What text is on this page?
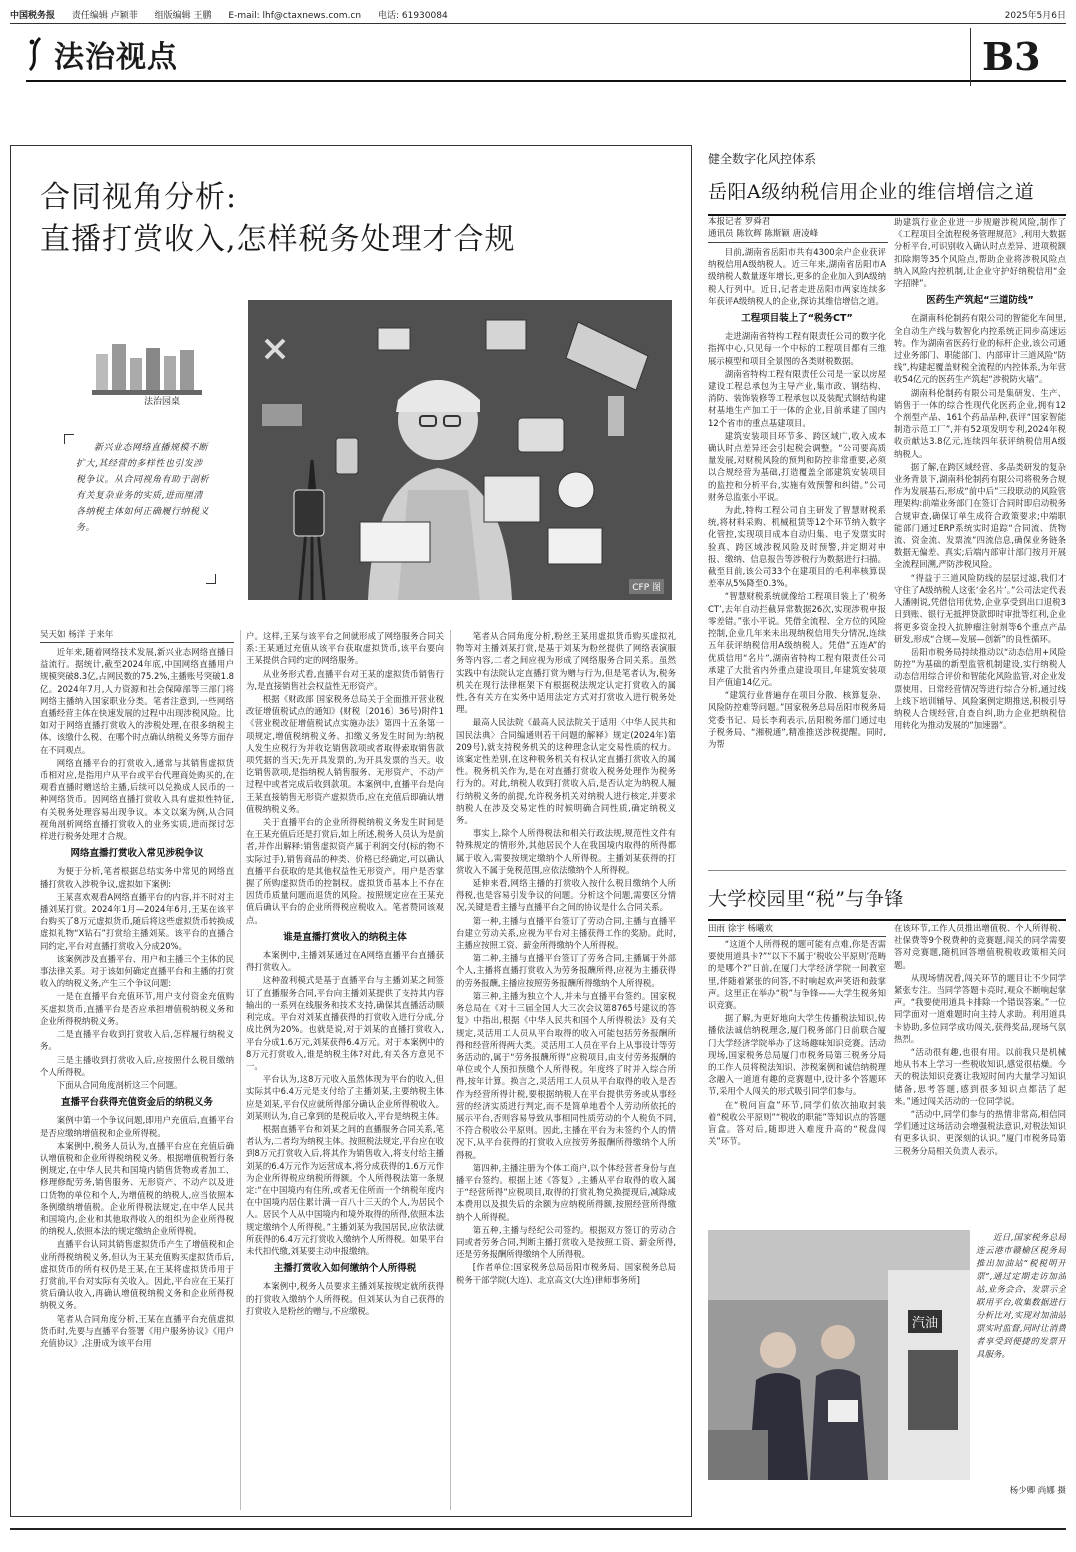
中国税务报 责任编辑 卢颖菲 组版编辑 王鹏 E-mail: lhf@ctaxnews.com.cn 电话: 61930084	2025年5月6日
法治视点	B3
合同视角分析:
直播打赏收入,怎样税务处理才合规
法治园桌
CFP 图
新兴业态网络直播规模不断扩大,其经营的多样性也引发涉税争议。从合同视角有助于剖析有关复杂业务的实质,进而厘清各纳税主体如何正确履行纳税义务。
吴天如 杨洋 于来年

近年来,随着网络技术发展,新兴业态网络直播日益流行。据统计,截至2024年底,中国网络直播用户规模突破8.3亿,占网民数的75.2%,主播账号突破1.8亿。2024年7月,人力资源和社会保障部等三部门将网络主播纳入国家职业分类。笔者注意到,一些网络直播经营主体在快速发展的过程中出现涉税风险。比如对于网络直播打赏收入的涉税处理,在很多纳税主体、该缴什么税、在哪个时点确认纳税义务等方面存在不同观点。

网络直播平台的打赏收入,通常与其销售虚拟货币相对应,是指用户从平台或平台代理商处购买的,在观看直播时赠送给主播,后续可以兑换成人民币的一种网络货币。因网络直播打赏收入具有虚拟性特征,有关税务处理容易出现争议。本文以案为例,从合同视角剖析网络直播打赏收入的业务实质,进而探讨怎样进行税务处理才合规。

网络直播打赏收入常见涉税争议

为便于分析,笔者根据总结实务中常见的网络直播打赏收入涉税争议,虚拟如下案例:

王某喜欢观看A网络直播平台的内容,并不时对主播刘某打赏。2024年1月—2024年6月,王某在该平台购买了8万元虚拟货币,随后将这些虚拟货币转换成虚拟礼物“X钻石”打赏给主播刘某。该平台的直播合同约定,平台对直播打赏收入分成20%。

该案例涉及直播平台、用户和主播三个主体的民事法律关系。对于该如何确定直播平台和主播的打赏收入的纳税义务,产生三个争议问题:

一是在直播平台充值环节,用户支付资金充值购买虚拟货币,直播平台是否应承担增值税纳税义务和企业所得税纳税义务。

二是直播平台收到打赏收入后,怎样履行纳税义务。

三是主播收到打赏收入后,应按照什么税目缴纳个人所得税。

下面从合同角度剖析这三个问题。

直播平台获得充值资金后的纳税义务

案例中第一个争议问题,即用户充值后,直播平台是否应缴纳增值税和企业所得税。

本案例中,税务人员认为,直播平台应在充值后确认增值税和企业所得税纳税义务。根据增值税暂行条例规定,在中华人民共和国境内销售货物或者加工、修理修配劳务,销售服务、无形资产、不动产以及进口货物的单位和个人,为增值税的纳税人,应当依照本条例缴纳增值税。企业所得税法规定,在中华人民共和国境内,企业和其他取得收入的组织为企业所得税的纳税人,依照本法的规定缴纳企业所得税。

直播平台认同其销售虚拟货币产生了增值税和企业所得税纳税义务,但认为王某充值购买虚拟货币后,虚拟货币的所有权仍是王某,在王某将虚拟货币用于打赏前,平台对实际有关收入。因此,平台应在王某打赏后确认收入,再确认增值税纳税义务和企业所得税纳税义务。

笔者从合同角度分析,王某在直播平台充值虚拟货币时,先要与直播平台签署《用户服务协议》《用户充值协议》,注册成为该平台用

户。这样,王某与该平台之间就形成了网络服务合同关系:王某通过充值从该平台获取虚拟货币,该平台要向王某提供合同约定的网络服务。

从业务形式看,直播平台对王某的虚拟货币销售行为,是直接销售社会权益性无形资产。

根据《财政部 国家税务总局关于全面推开营业税改征增值税试点的通知》(财税〔2016〕36号)附件1《营业税改征增值税试点实施办法》第四十五条第一项规定,增值税纳税义务、扣缴义务发生时间为:纳税人发生应税行为并收讫销售款项或者取得索取销售款项凭据的当天;先开具发票的,为开具发票的当天。收讫销售款项,是指纳税人销售服务、无形资产、不动产过程中或者完成后收到款项。本案例中,直播平台是向王某直接销售无形资产虚拟货币,应在充值后即确认增值税纳税义务。

关于直播平台的企业所得税纳税义务发生时间是在王某充值后还是打赏后,如上所述,税务人员认为是前者,并作出解释:销售虚拟资产属于利润交付(标的物不实际过手),销售商品的种类、价格已经确定,可以确认直播平台获取的是其他权益性无形资产。用户是否掌握了所购虚拟货币的控制权。虚拟货币基本上不存在因货币质量问题而退货的风险。按照规定应在王某充值后确认平台的企业所得税应税收入。笔者赞同该观点。

谁是直播打赏收入的纳税主体

本案例中,主播刘某通过在A网络直播平台直播获得打赏收入。

这种盈利模式是基于直播平台与主播刘某之间签订了直播服务合同,平台向主播刘某提供了支持其内容输出的一系列在线服务和技术支持,确保其直播活动顺利完成。平台对刘某直播获得的打赏收入进行分成,分成比例为20%。也就是说,对于刘某的直播打赏收入,平台分成1.6万元,刘某获得6.4万元。对于本案例中的8万元打赏收入,谁是纳税主体?对此,有关各方意见不一。

平台认为,这8万元收入虽然体现为平台的收入,但实际其中6.4万元是支付给了主播刘某,主要纳税主体应是刘某,平台仅应就所得部分确认企业所得税收入。刘某则认为,自己拿到的是税后收入,平台是纳税主体。

根据直播平台和刘某之间的直播服务合同关系,笔者认为,二者均为纳税主体。按照税法规定,平台应在收到8万元打赏收入后,将其作为销售收入,将支付给主播刘某的6.4万元作为运营成本,将分成获得的1.6万元作为企业所得税应纳税所得额。个人所得税法第一条规定:“在中国境内有住所,或者无住所而一个纳税年度内在中国境内居住累计满一百八十三天的个人,为居民个人。居民个人从中国境内和境外取得的所得,依照本法规定缴纳个人所得税。”主播刘某为我国居民,应依法就所获得的6.4万元打赏收入缴纳个人所得税。如果平台未代扣代缴,刘某要主动申报缴纳。

主播打赏收入如何缴纳个人所得税

本案例中,税务人员要求主播刘某按规定就所获得的打赏收入缴纳个人所得税。但刘某认为自己获得的打赏收入是粉丝的赠与,不应缴税。

笔者从合同角度分析,粉丝王某用虚拟货币购买虚拟礼物等对主播刘某打赏,是基于刘某为粉丝提供了网络表演服务等内容,二者之间应视为形成了网络服务合同关系。虽然实践中有法院认定直播打赏为赠与行为,但是笔者认为,税务机关在现行法律框架下有根据税法规定认定打赏收入的属性,各有关方在实务中适用法定方式对打赏收入进行税务处理。

最高人民法院《最高人民法院关于适用〈中华人民共和国民法典〉合同编通则若干问题的解释》规定(2024年)第209号),就支持税务机关的这种理念认定交易性质的权力。该案定性差别,在这种税务机关有权认定直播打赏收入的属性。税务机关作为,是在对直播打赏收入税务处理作为税务行为的。对此,纳税人收到打赏收入后,是否认定为纳税人履行纳税义务的前提,允许税务机关对纳税人进行核定,并要求纳税人在涉及交易定性的时候明确合同性质,确定纳税义务。

事实上,除个人所得税法和相关行政法规,规范性文件有特殊规定的情形外,其他居民个人在我国境内取得的所得都属于收入,需要按规定缴纳个人所得税。主播刘某获得的打赏收入不属于免税范围,应依法缴纳个人所得税。

延伸来看,网络主播的打赏收入按什么税目缴纳个人所得税,也是容易引发争议的问题。分析这个问题,需要区分情况,关键是看主播与直播平台之间的协议是什么合同关系。

第一种,主播与直播平台签订了劳动合同,主播与直播平台建立劳动关系,应视为平台对主播获得工作的奖励。此时,主播应按照工资、薪金所得缴纳个人所得税。

第二种,主播与直播平台签订了劳务合同,主播属于外部个人,主播将直播打赏收入为劳务报酬所得,应视为主播获得的劳务报酬,主播应按照劳务报酬所得缴纳个人所得税。

第三种,主播为独立个人,并未与直播平台签约。国家税务总局在《对十三届全国人大三次会议第8765号建议的答复》中指出,根据《中华人民共和国个人所得税法》及有关规定,灵活用工人员从平台取得的收入可能包括劳务报酬所得和经营所得两大类。灵活用工人员在平台上从事设计等劳务活动的,属于“劳务报酬所得”应税项目,由支付劳务报酬的单位或个人预扣预缴个人所得税。年度终了时并入综合所得,按年计算。换言之,灵活用工人员从平台取得的收入是否作为经营所得计税,要根据纳税人在平台提供劳务或从事经营的经济实质进行判定,而不是简单地看个人劳动所依托的展示平台,否则容易导致从事相同性质劳动的个人税负不同,不符合税收公平原则。因此,主播在平台为未签约个人的情况下,从平台获得的打赏收入应按劳务报酬所得缴纳个人所得税。

第四种,主播注册为个体工商户,以个体经营者身份与直播平台签约。根据上述《答复》,主播从平台取得的收入属于“经营所得”应税项目,取得的打赏礼物兑换提现后,减除成本费用以及损失后的余额为应纳税所得额,按照经营所得缴纳个人所得税。

第五种,主播与经纪公司签约。根据双方签订的劳动合同或者劳务合同,判断主播打赏收入是按照工资、薪金所得,还是劳务报酬所得缴纳个人所得税。

[作者单位:国家税务总局岳阳市税务局、国家税务总局税务干部学院(大连)、北京高文(大连)律师事务所]

健全数字化风控体系
岳阳A级纳税信用企业的维信增信之道
本报记者 罗舜君
通讯员 陈钦辉 陈斯颖 唐凌峰

目前,湖南省岳阳市共有4300余户企业获评纳税信用A级纳税人。近三年来,湖南省岳阳市A级纳税人数量逐年增长,更多的企业加入到A级纳税人行列中。近日,记者走进岳阳市两家连续多年获评A级纳税人的企业,探访其维信增信之道。

工程项目装上了“税务CT”

走进湖南省特构工程有限责任公司的数字化指挥中心,只见每一个中标的工程项目都有三维展示模型和项目全景图的各类财税数据。

湖南省特构工程有限责任公司是一家以房屋建设工程总承包为主导产业,集市政、钢结构、消防、装饰装修等工程承包以及装配式钢结构建材基地生产加工于一体的企业,目前承建了国内12个省市的重点基建项目。

建筑安装项目环节多、跨区域广,收入成本确认时点差异还会引起税会调整。“公司要高质量发展,对财税风险的预判和防控非常重要,必须以合规经营为基础,打造覆盖全部建筑安装项目的监控和分析平台,实施有效预警和纠错。”公司财务总监张小平说。

为此,特构工程公司自主研发了智慧财税系统,将材料采购、机械租赁等12个环节纳入数字化管控,实现项目成本自动归集、电子发票实时验真、跨区域涉税风险及时预警,并定期对申报、缴纳、信息报告等涉税行为数据进行扫描。截至目前,该公司33个在建项目的毛利率核算误差率从5%降至0.3%。

“智慧财税系统就像给工程项目装上了‘税务CT’,去年自动拦截异常数据26次,实现涉税申报零差错。”张小平说。凭借全流程、全方位的风险控制,企业几年来未出现纳税信用失分情况,连续五年获评纳税信用A级纳税人。凭借“五连A”的优质信用“名片”,湖南省特构工程有限责任公司承建了大批省内外重点建设项目,年建筑安装项目产值逾14亿元。

“建筑行业普遍存在项目分散、核算复杂、风险防控难等问题。”国家税务总局岳阳市税务局党委书记、局长李莉表示,岳阳税务部门通过电子税务局、“湘税通”,精准推送涉税提醒。同时,为帮

助建筑行业企业进一步规避涉税风险,制作了《工程项目全流程税务管理规范》,利用大数据分析平台,可识别收入确认时点差异、进项税额扣除期等35个风险点,帮助企业将涉税风险点纳入风险内控机制,让企业守护好纳税信用“金字招牌”。

医药生产筑起“三道防线”

在湖南科伦制药有限公司的智能化车间里,全自动生产线与数智化内控系统正同步高速运转。作为湖南省医药行业的标杆企业,该公司通过业务部门、职能部门、内部审计三道风险“防线”,构建起覆盖财税全流程的内控体系,为年营收54亿元的医药生产筑起“涉税防火墙”。

湖南科伦制药有限公司是集研发、生产、销售于一体的综合性现代化医药企业,拥有12个剂型产品、161个药品品种,获评“国家智能制造示范工厂”,并有52项发明专利,2024年税收贡献达3.8亿元,连续四年获评纳税信用A级纳税人。

据了解,在跨区域经营、多品类研发的复杂业务背景下,湖南科伦制药有限公司将税务合规作为发展基石,形成“前中后”三段联动的风险管理架构:前端业务部门在签订合同时即启动税务合规审查,确保订单生成符合政策要求;中端职能部门通过ERP系统实时追踪“合同流、货物流、资金流、发票流”四流信息,确保业务链条数据无偏差、真实;后端内部审计部门按月开展全流程回溯,严防涉税风险。

“得益于三道风险防线的层层过滤,我们才守住了A级纳税人这张‘金名片’。”公司法定代表人潘刚说,凭借信用优势,企业享受到出口退税3日到账、银行无抵押贷款即时审批等红利,企业将更多资金投入抗肿瘤注射剂等6个重点产品研发,形成“合规—发展—创新”的良性循环。

岳阳市税务局持续推动以“动态信用+风险防控”为基础的新型监管机制建设,实行纳税人动态信用综合评价和智能化风险监管,对企业发票使用、日常经营情况等进行综合分析,通过线上线下培训辅导、风险案例定期推送,积极引导纳税人合规经营,自查自纠,助力企业把纳税信用转化为推动发展的“加速器”。

大学校园里“税”与争锋
田雨 徐宇 杨曦欢

“这道个人所得税的题可能有点难,你是否需要使用道具卡?”“以下不属于‘税收公平原则’范畴的是哪个?”日前,在厦门大学经济学院一间教室里,伴随着紧张的问答,不时响起欢声笑语和鼓掌声。这里正在举办“税”与争锋——大学生税务知识竞赛。

据了解,为更好地向大学生传播税法知识,传播依法诚信纳税理念,厦门税务部门日前联合厦门大学经济学院举办了这场趣味知识竞赛。活动现场,国家税务总局厦门市税务局第三税务分局的工作人员将税法知识、涉税案例和诚信纳税理念融入一道道有趣的竞赛题中,设计多个答题环节,采用个人闯关的形式吸引同学们参与。

在“税问盲盒”环节,同学们依次抽取封装着“税收公平原则”“税收的职能”等知识点的答题盲盒。答对后,随即进入难度升高的“税盘闯关”环节。

在该环节,工作人员推出增值税、个人所得税、社保费等9个税费种的竞赛题,闯关的同学需要答对竞赛题,随机回答增值税税收政策相关问题。

从现场情况看,闯关环节的题目让不少同学紧张专注。当同学答题卡亮时,观众不断响起掌声。“我要使用道具卡排除一个错误答案。”一位同学面对一道难题时向主持人求助。利用道具卡协助,多位同学成功闯关,获得奖品,现场气氛热烈。

“活动很有趣,也很有用。以前我只是机械地从书本上学习一些税收知识,感觉很枯燥。今天的税法知识竞赛让我短时间内大量学习知识储备,思考答题,感到很多知识点都活了起来。”通过闯关活动的一位同学说。

“活动中,同学们参与的热情非常高,相信同学们通过这场活动会增强税法意识,对税法知识有更多认识、更深刻的认识。”厦门市税务局第三税务分局相关负责人表示。

汽油
近日,国家税务总局连云港市赣榆区税务局推出加油站“税税明开票”,通过定期走访加油站,业务会合、发票示全联用平台,收集数据进行分析比对,实现对加油站票实时监督,同时让消费者享受到便捷的发票开具服务。
杨少卿 尚娜 摄
